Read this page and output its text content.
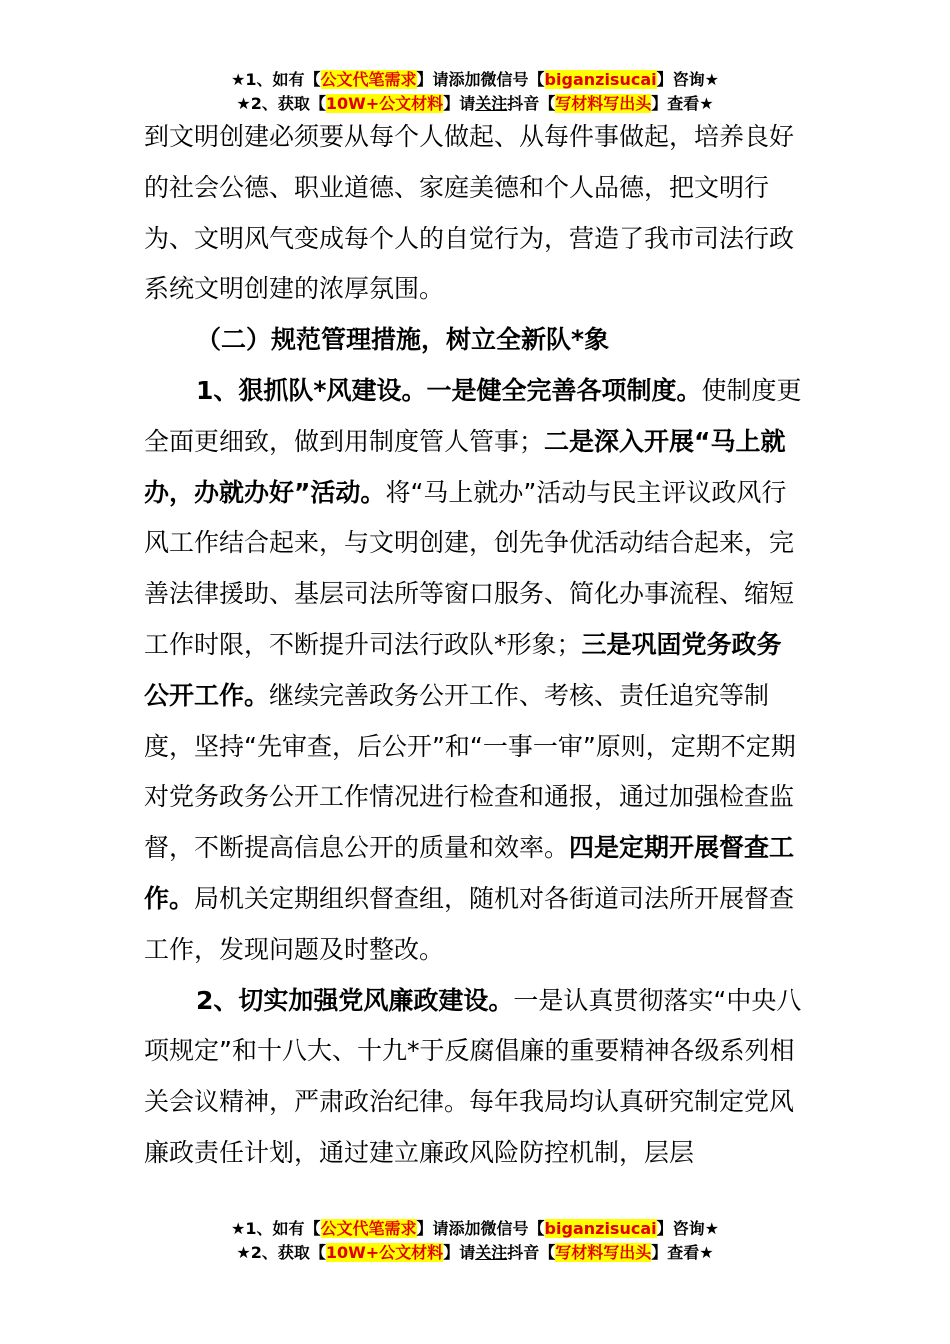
★1、如有【公文代笔需求】请添加微信号【biganzisucai】咨询★
★2、获取【10W+公文材料】请关注抖音【写材料写出头】查看★

到文明创建必须要从每个人做起、从每件事做起，培养良好的社会公德、职业道德、家庭美德和个人品德，把文明行为、文明风气变成每个人的自觉行为，营造了我市司法行政系统文明创建的浓厚氛围。

（二）规范管理措施，树立全新队*象

1、狠抓队*风建设。一是健全完善各项制度。使制度更全面更细致，做到用制度管人管事；二是深入开展“马上就办，办就办好”活动。将“马上就办”活动与民主评议政风行风工作结合起来，与文明创建，创先争优活动结合起来，完善法律援助、基层司法所等窗口服务、简化办事流程、缩短工作时限，不断提升司法行政队*形象；三是巩固党务政务公开工作。继续完善政务公开工作、考核、责任追究等制度，坚持“先审查，后公开”和“一事一审”原则，定期不定期对党务政务公开工作情况进行检查和通报，通过加强检查监督，不断提高信息公开的质量和效率。四是定期开展督查工作。局机关定期组织督查组，随机对各街道司法所开展督查工作，发现问题及时整改。

2、切实加强党风廉政建设。一是认真贯彻落实“中央八项规定”和十八大、十九*于反腐倡廉的重要精神各级系列相关会议精神，严肃政治纪律。每年我局均认真研究制定党风廉政责任计划，通过建立廉政风险防控机制，层层

★1、如有【公文代笔需求】请添加微信号【biganzisucai】咨询★
★2、获取【10W+公文材料】请关注抖音【写材料写出头】查看★
